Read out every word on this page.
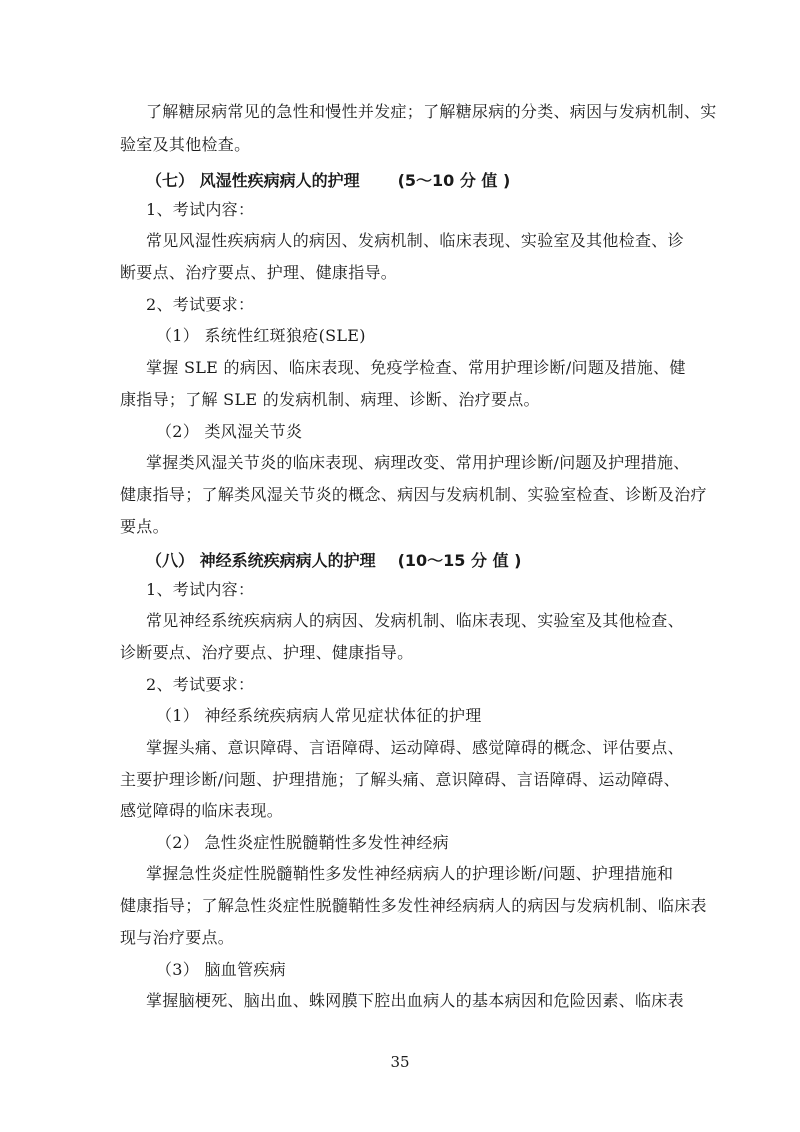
了解糖尿病常见的急性和慢性并发症；了解糖尿病的分类、病因与发病机制、实
验室及其他检查。
（七） 风湿性疾病病人的护理 (5～10 分 值 )
1、考试内容：
常见风湿性疾病病人的病因、发病机制、临床表现、实验室及其他检查、诊
断要点、治疗要点、护理、健康指导。
2、考试要求：
（1） 系统性红斑狼疮(SLE)
掌握 SLE 的病因、临床表现、免疫学检查、常用护理诊断/问题及措施、健
康指导；了解 SLE 的发病机制、病理、诊断、治疗要点。
（2） 类风湿关节炎
掌握类风湿关节炎的临床表现、病理改变、常用护理诊断/问题及护理措施、
健康指导；了解类风湿关节炎的概念、病因与发病机制、实验室检查、诊断及治疗
要点。
（八） 神经系统疾病病人的护理 (10～15 分 值 )
1、考试内容：
常见神经系统疾病病人的病因、发病机制、临床表现、实验室及其他检查、
诊断要点、治疗要点、护理、健康指导。
2、考试要求：
（1） 神经系统疾病病人常见症状体征的护理
掌握头痛、意识障碍、言语障碍、运动障碍、感觉障碍的概念、评估要点、
主要护理诊断/问题、护理措施；了解头痛、意识障碍、言语障碍、运动障碍、
感觉障碍的临床表现。
（2） 急性炎症性脱髓鞘性多发性神经病
掌握急性炎症性脱髓鞘性多发性神经病病人的护理诊断/问题、护理措施和
健康指导；了解急性炎症性脱髓鞘性多发性神经病病人的病因与发病机制、临床表
现与治疗要点。
（3） 脑血管疾病
掌握脑梗死、脑出血、蛛网膜下腔出血病人的基本病因和危险因素、临床表
35
